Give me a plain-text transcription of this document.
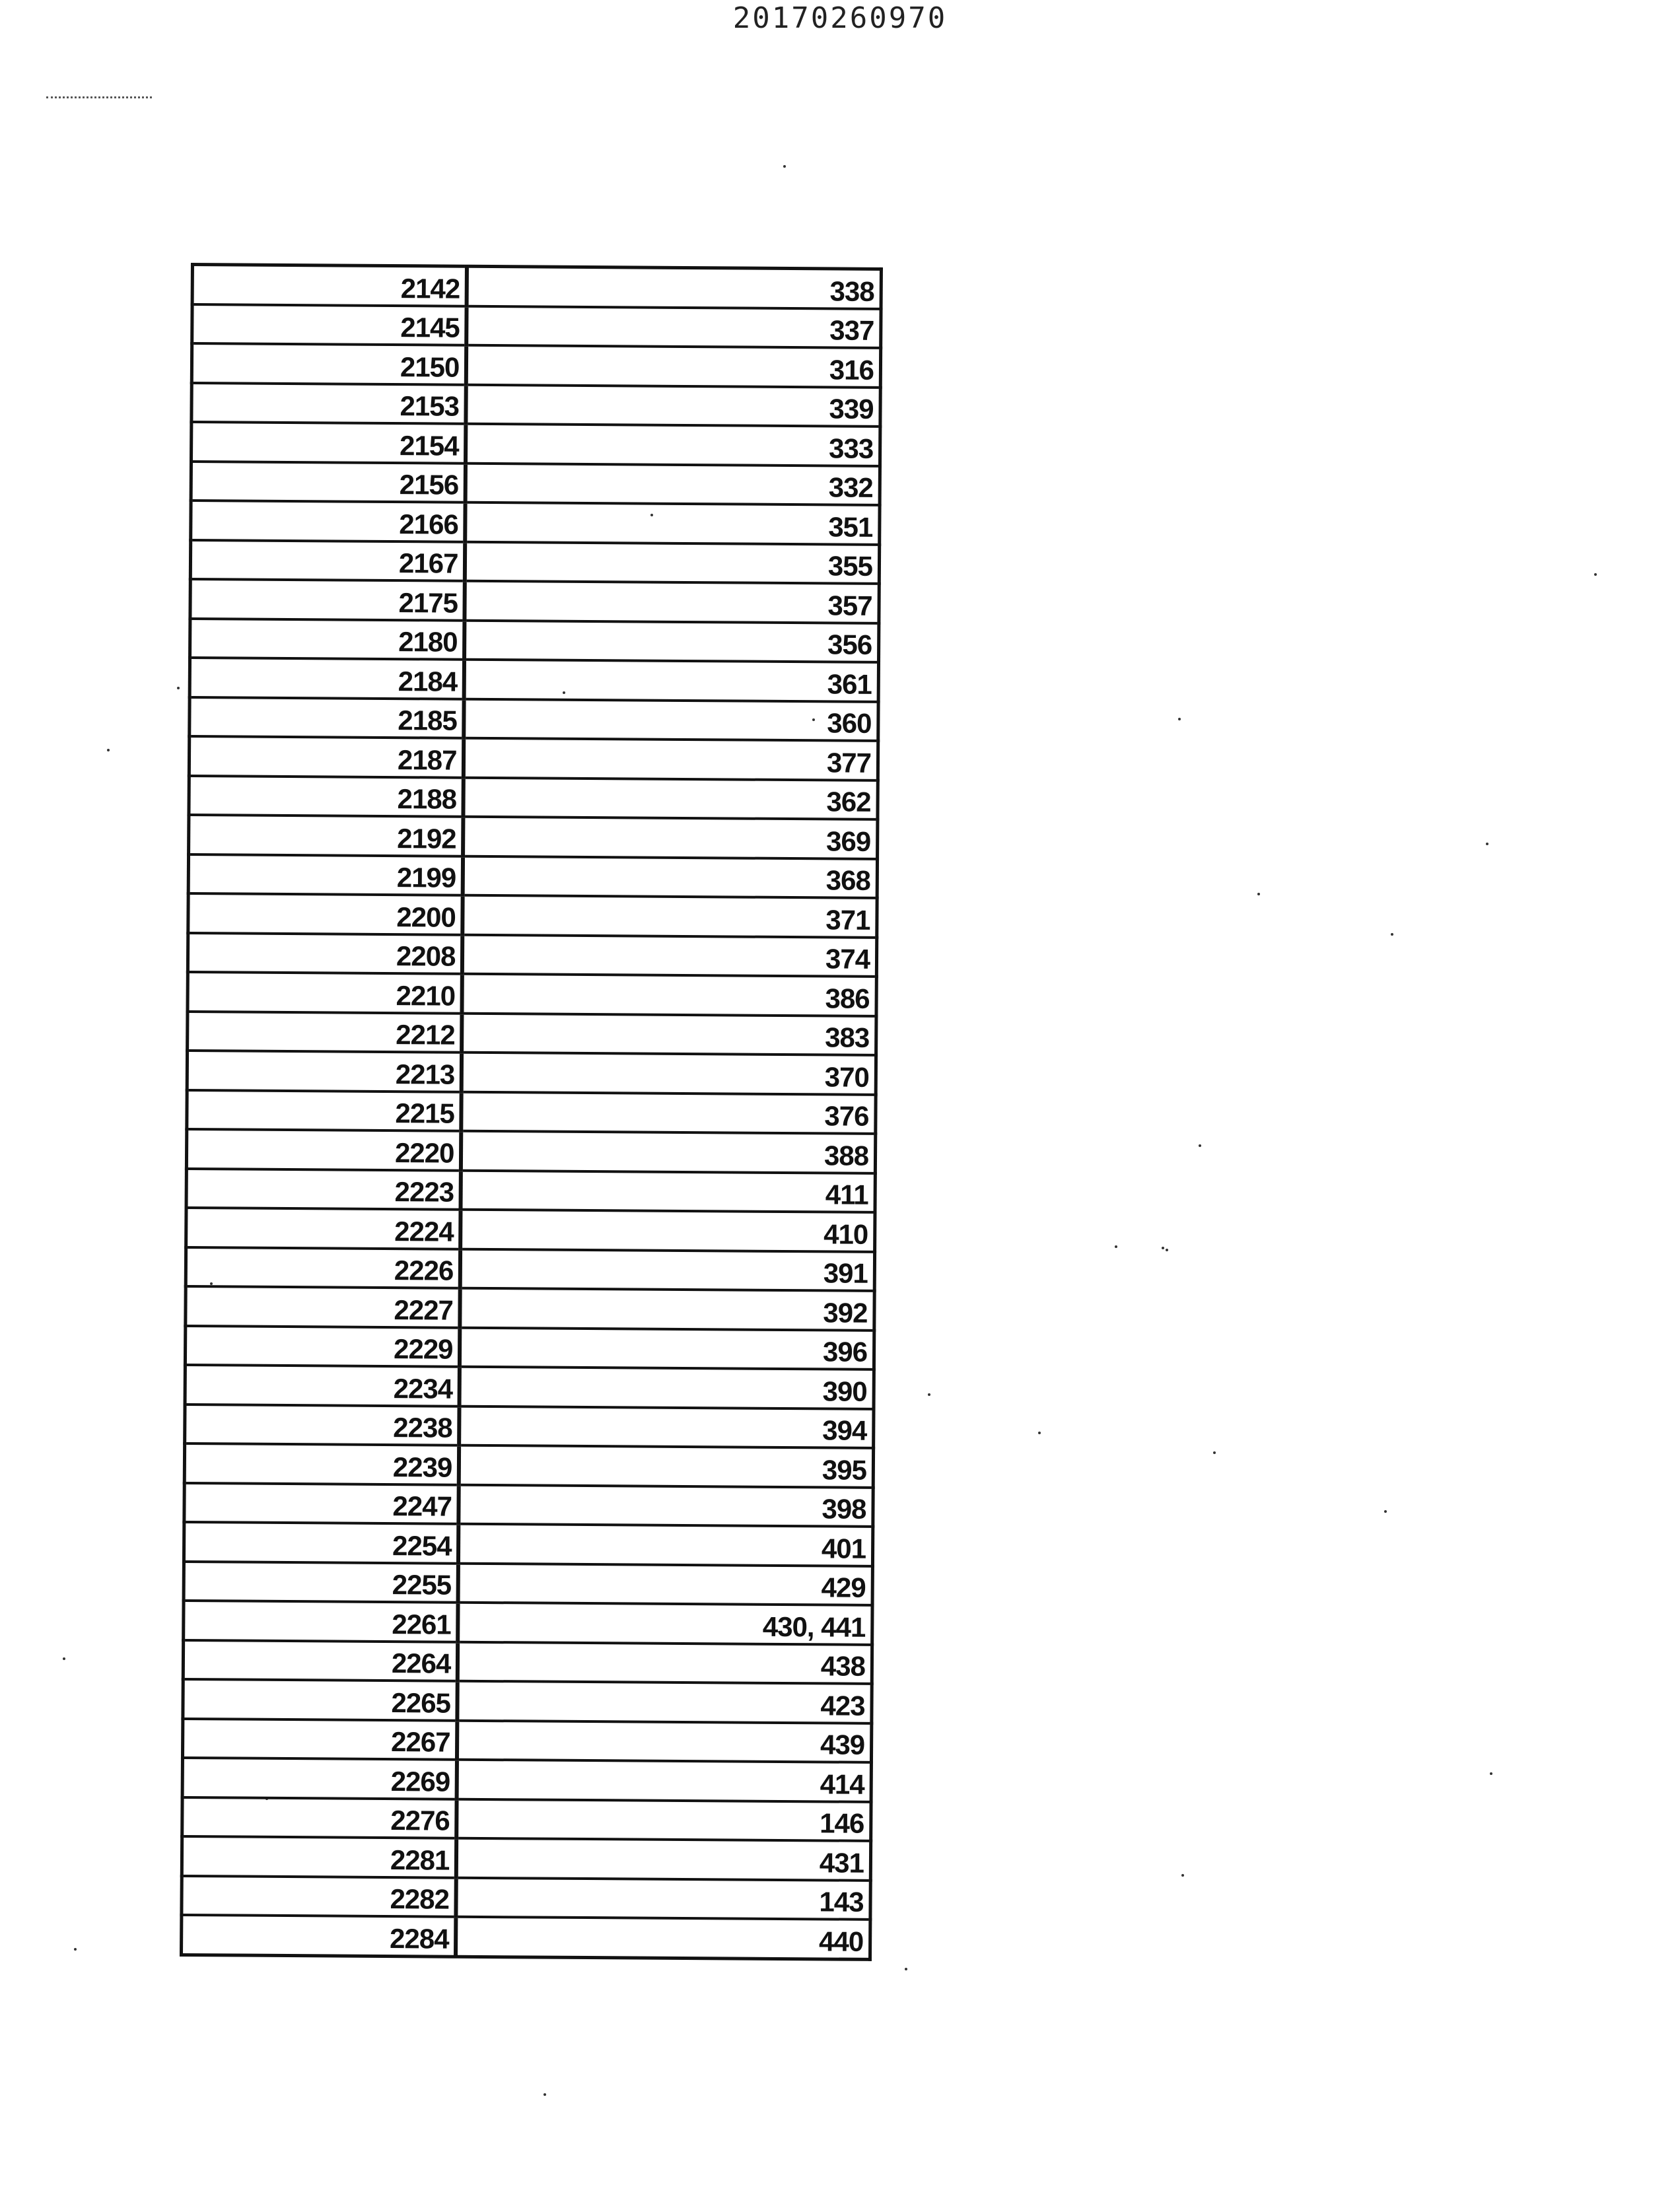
20170260970
2142	338
2145	337
2150	316
2153	339
2154	333
2156	332
2166	351
2167	355
2175	357
2180	356
2184	361
2185	360
2187	377
2188	362
2192	369
2199	368
2200	371
2208	374
2210	386
2212	383
2213	370
2215	376
2220	388
2223	411
2224	410
2226	391
2227	392
2229	396
2234	390
2238	394
2239	395
2247	398
2254	401
2255	429
2261	430, 441
2264	438
2265	423
2267	439
2269	414
2276	146
2281	431
2282	143
2284	440
